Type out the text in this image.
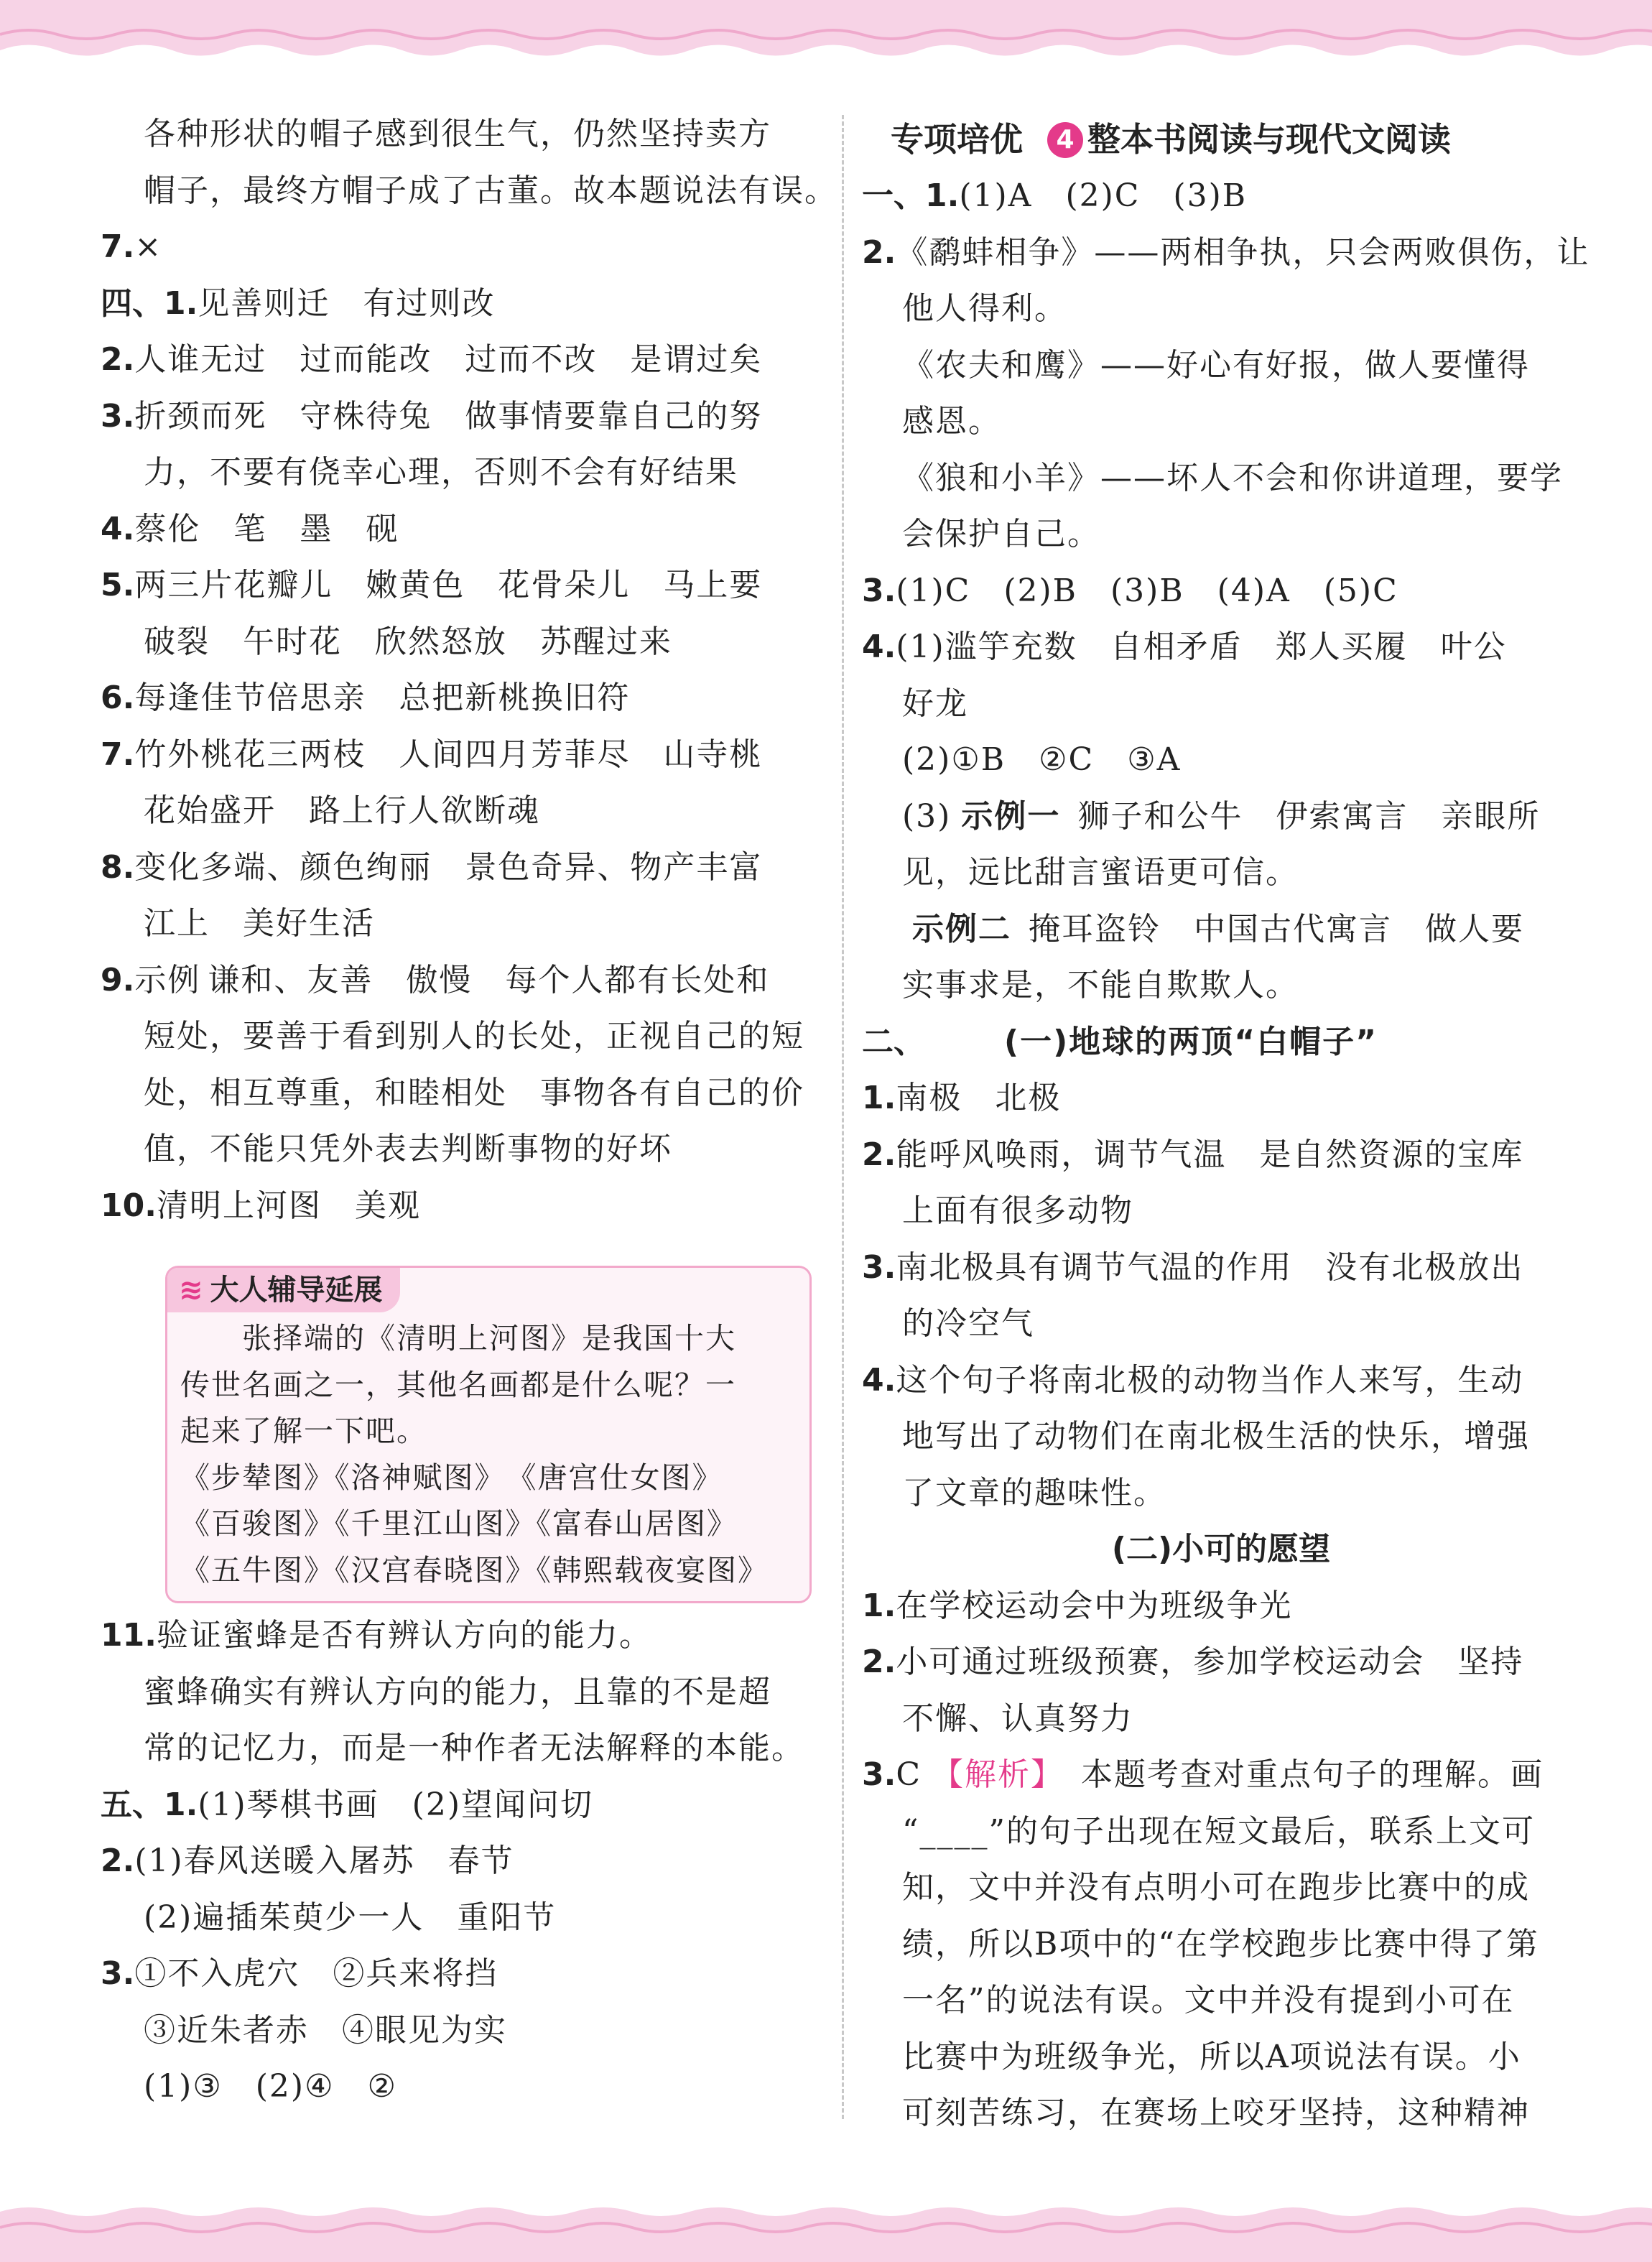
≋ 大人辅导延展
　　张择端的《清明上河图》是我国十大
传世名画之一，其他名画都是什么呢？一
起来了解一下吧。
《步辇图》《洛神赋图》　《唐宫仕女图》
《百骏图》《千里江山图》《富春山居图》
《五牛图》《汉宫春晓图》《韩熙载夜宴图》
各种形状的帽子感到很生气，仍然坚持卖方
帽子，最终方帽子成了古董。故本题说法有误。
7.×
四、1.见善则迁　有过则改
2.人谁无过　过而能改　过而不改　是谓过矣
3.折颈而死　守株待兔　做事情要靠自己的努
力，不要有侥幸心理，否则不会有好结果
4.蔡伦　笔　墨　砚
5.两三片花瓣儿　嫩黄色　花骨朵儿　马上要
破裂　午时花　欣然怒放　苏醒过来
6.每逢佳节倍思亲　总把新桃换旧符
7.竹外桃花三两枝　人间四月芳菲尽　山寺桃
花始盛开　路上行人欲断魂
8.变化多端、颜色绚丽　景色奇异、物产丰富
江上　美好生活
9.示例 谦和、友善　傲慢　每个人都有长处和
短处，要善于看到别人的长处，正视自己的短
处，相互尊重，和睦相处　事物各有自己的价
值，不能只凭外表去判断事物的好坏
10.清明上河图　美观
11.验证蜜蜂是否有辨认方向的能力。
蜜蜂确实有辨认方向的能力，且靠的不是超
常的记忆力，而是一种作者无法解释的本能。
五、1.(1)琴棋书画　(2)望闻问切
2.(1)春风送暖入屠苏　春节
(2)遍插茱萸少一人　重阳节
3.①不入虎穴　②兵来将挡
③近朱者赤　④眼见为实
(1)③　(2)④　②
专项培优 4 整本书阅读与现代文阅读
一、1.(1)A　(2)C　(3)B
2.《鹬蚌相争》——两相争执，只会两败俱伤，让
他人得利。
《农夫和鹰》——好心有好报，做人要懂得
感恩。
《狼和小羊》——坏人不会和你讲道理，要学
会保护自己。
3.(1)C　(2)B　(3)B　(4)A　(5)C
4.(1)滥竽充数　自相矛盾　郑人买履　叶公
好龙
(2)①B　②C　③A
(3) 示例一 狮子和公牛　伊索寓言　亲眼所
见，远比甜言蜜语更可信。
示例二 掩耳盗铃　中国古代寓言　做人要
实事求是，不能自欺欺人。
二、	(一)地球的两顶“白帽子”
1.南极　北极
2.能呼风唤雨，调节气温　是自然资源的宝库
上面有很多动物
3.南北极具有调节气温的作用　没有北极放出
的冷空气
4.这个句子将南北极的动物当作人来写，生动
地写出了动物们在南北极生活的快乐，增强
了文章的趣味性。
(二)小可的愿望
1.在学校运动会中为班级争光
2.小可通过班级预赛，参加学校运动会　坚持
不懈、认真努力
3.C 【解析】 本题考查对重点句子的理解。画
“____”的句子出现在短文最后，联系上文可
知，文中并没有点明小可在跑步比赛中的成
绩，所以B项中的“在学校跑步比赛中得了第
一名”的说法有误。文中并没有提到小可在
比赛中为班级争光，所以A项说法有误。小
可刻苦练习，在赛场上咬牙坚持，这种精神
